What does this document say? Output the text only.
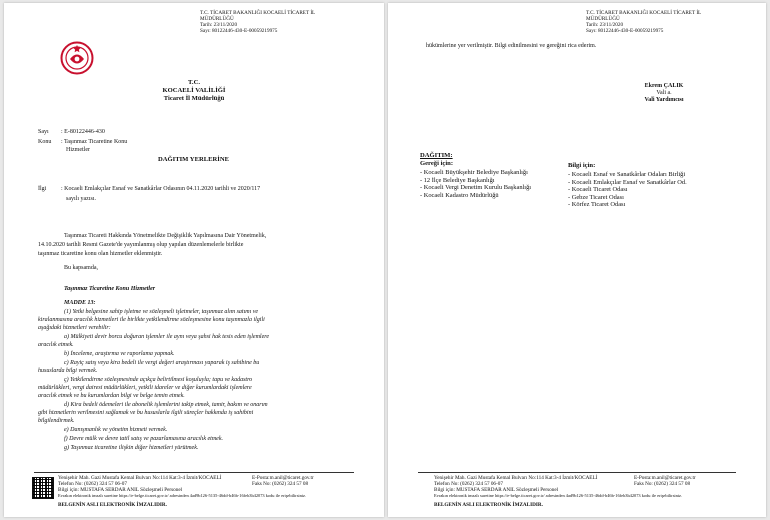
T.C. TİCARET BAKANLIĞI KOCAELİ TİCARET İL
MÜDÜRLÜĞÜ
Tarih: 23/11/2020
Sayı: 80122446-430-E-00059219975
T.C.
KOCAELİ VALİLİĞİ
Ticaret İl Müdürlüğü
Sayı : E-80122446-430
Konu : Taşınmaz Ticaretine Konu
Hizmetler
DAĞITIM YERLERİNE
İlgi : Kocaeli Emlakçılar Esnaf ve Sanatkârlar Odasının 04.11.2020 tarihli ve 2020/117
sayılı yazısı.
Taşınmaz Ticareti Hakkında Yönetmelikte Değişiklik Yapılmasına Dair Yönetmelik,
14.10.2020 tarihli Resmi Gazete'de yayımlanmış olup yapılan düzenlemelerle birlikte
taşınmaz ticaretine konu olan hizmetler eklenmiştir.
Bu kapsamda,
Taşınmaz Ticaretine Konu Hizmetler
MADDE 13:
(1) Yetki belgesine sahip işletme ve sözleşmeli işletmeler, taşınmaz alım satımı ve
kiralanmasına aracılık hizmetleri ile birlikte yetkilendirme sözleşmesine konu taşınmazla ilgili
aşağıdaki hizmetleri verebilir:
a) Mülkiyeti devir borcu doğuran işlemler ile aynı veya şahsi hak tesis eden işlemlere
aracılık etmek.
b) İnceleme, araştırma ve raporlama yapmak.
c) Rayiç satış veya kira bedeli ile vergi değeri araştırması yaparak iş sahibine bu
hususlarda bilgi vermek.
ç) Yetkilendirme sözleşmesinde açıkça belirtilmesi koşuluyla; tapu ve kadastro
müdürlükleri, vergi dairesi müdürlükleri, yetkili idareler ve diğer kurumlardaki işlemlere
aracılık etmek ve bu kurumlardan bilgi ve belge temin etmek.
d) Kira bedeli ödemeleri ile abonelik işlemlerini takip etmek, tamir, bakım ve onarım
gibi hizmetlerin verilmesini sağlamak ve bu hususlarla ilgili süreçler hakkında iş sahibini
bilgilendirmek.
e) Danışmanlık ve yönetim hizmeti vermek.
f) Devre mülk ve devre tatil satış ve pazarlamasına aracılık etmek.
g) Taşınmaz ticaretine ilişkin diğer hizmetleri yürütmek.
Yenişehir Mah. Gazi Mustafa Kemal Bulvarı No:114 Kat:3-4 İzmit/KOCAELİ
Telefon No: (0262) 324 57 06-07
Bilgi için: MUSTAFA SERDAR ANIL Sözleşmeli Personel
Evrakın elektronik imzalı suretine https://e-belge.ticaret.gov.tr/ adresinden 4ad9b126-5135-46dd-b46b-16feb3b42073 kodu ile erişebilirsiniz.
E-Posta:m.anil@ticaret.gov.tr
Faks No: (0262) 324 57 08
BELGENİN ASLI ELEKTRONİK İMZALIDIR.
T.C. TİCARET BAKANLIĞI KOCAELİ TİCARET İL
MÜDÜRLÜĞÜ
Tarih: 23/11/2020
Sayı: 80122446-430-E-00059219975
hükümlerine yer verilmiştir. Bilgi edinilmesini ve gereğini rica ederim.
Ekrem ÇALIK
Vali a.
Vali Yardımcısı
DAĞITIM:
Gereği için:
- Kocaeli Büyükşehir Belediye Başkanlığı
- 12 İlçe Belediye Başkanlığı
- Kocaeli Vergi Denetim Kurulu Başkanlığı
- Kocaeli Kadastro Müdürlüğü
Bilgi için:
- Kocaeli Esnaf ve Sanatkârlar Odaları Birliği
- Kocaeli Emlakçılar Esnaf ve Sanatkârlar Od.
- Kocaeli Ticaret Odası
- Gebze Ticaret Odası
- Körfez Ticaret Odası
Yenişehir Mah. Gazi Mustafa Kemal Bulvarı No:114 Kat:3-4 İzmit/KOCAELİ
Telefon No: (0262) 324 57 06-07
Bilgi için: MUSTAFA SERDAR ANIL Sözleşmeli Personel
Evrakın elektronik imzalı suretine https://e-belge.ticaret.gov.tr/ adresinden 4ad9b126-5135-46dd-b46b-16feb3b42073 kodu ile erişebilirsiniz.
E-Posta:m.anil@ticaret.gov.tr
Faks No: (0262) 324 57 08
BELGENİN ASLI ELEKTRONİK İMZALIDIR.
